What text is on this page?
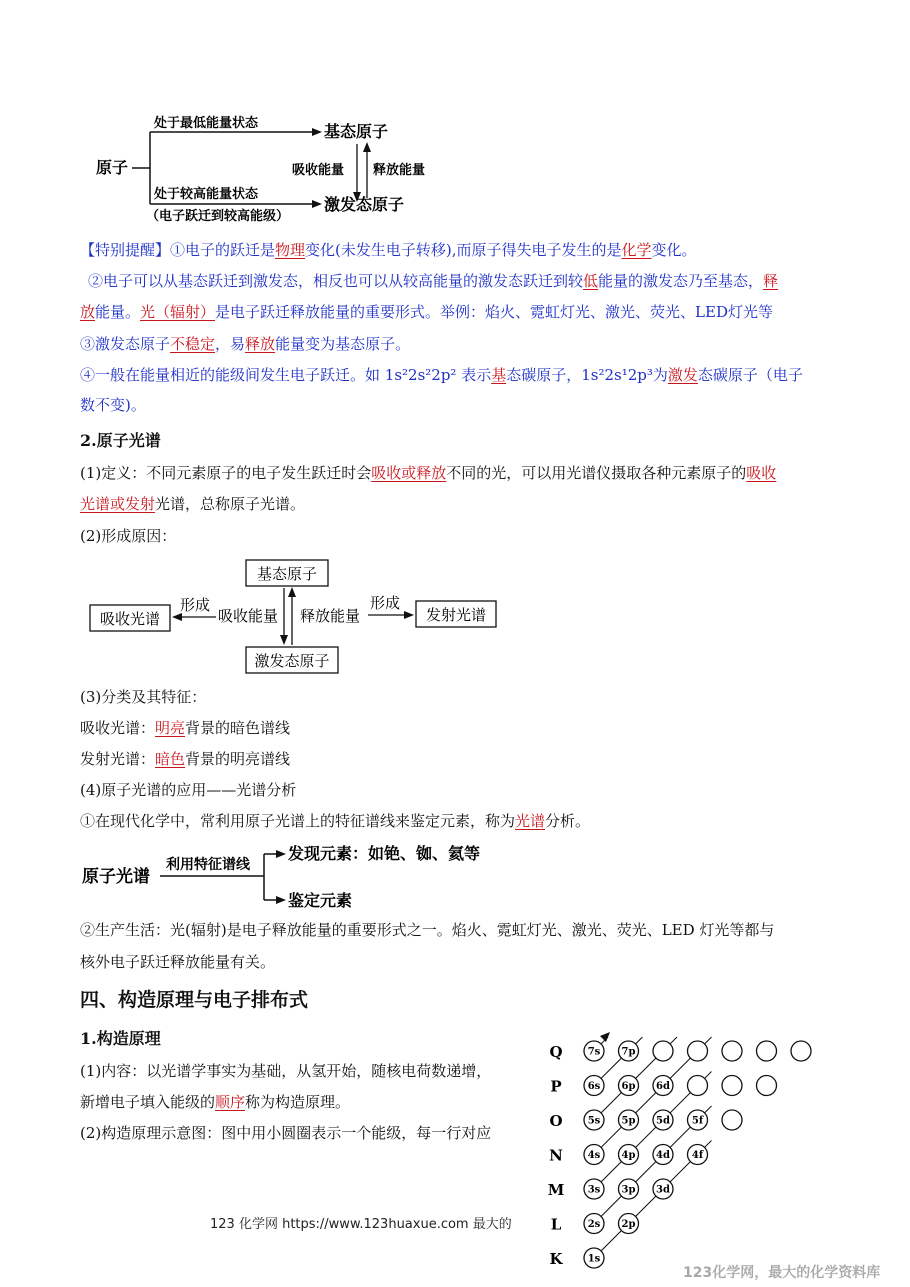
原子
处于最低能量状态	基态原子
吸收能量 释放能量
处于较高能量状态
激发态原子
（电子跃迁到较高能级）
【特别提醒】①电子的跃迁是物理变化(未发生电子转移),而原子得失电子发生的是化学变化。
②电子可以从基态跃迁到激发态，相反也可以从较高能量的激发态跃迁到较低能量的激发态乃至基态，释
放能量。光（辐射）是电子跃迁释放能量的重要形式。举例：焰火、霓虹灯光、激光、荧光、LED灯光等
③激发态原子不稳定，易释放能量变为基态原子。
④一般在能量相近的能级间发生电子跃迁。如 1s²2s²2p² 表示基态碳原子，1s²2s¹2p³为激发态碳原子（电子
数不变)。
2.原子光谱
(1)定义：不同元素原子的电子发生跃迁时会吸收或释放不同的光，可以用光谱仪摄取各种元素原子的吸收
光谱或发射光谱，总称原子光谱。
(2)形成原因：
基态原子
激发态原子
吸收光谱	发射光谱
吸收能量
形成
释放能量
形成
(3)分类及其特征：
吸收光谱：明亮背景的暗色谱线
发射光谱：暗色背景的明亮谱线
(4)原子光谱的应用——光谱分析
①在现代化学中，常利用原子光谱上的特征谱线来鉴定元素，称为光谱分析。
原子光谱
利用特征谱线
发现元素：如铯、铷、氦等
鉴定元素
②生产生活：光(辐射)是电子释放能量的重要形式之一。焰火、霓虹灯光、激光、荧光、LED 灯光等都与
核外电子跃迁释放能量有关。
四、构造原理与电子排布式
1.构造原理
(1)内容：以光谱学事实为基础，从氢开始，随核电荷数递增，
新增电子填入能级的顺序称为构造原理。
(2)构造原理示意图：图中用小圆圈表示一个能级，每一行对应
Q
P
O
N
M
L
K
7s 7p
6s 6p 6d
5s 5p 5d 5f
4s 4p 4d 4f
3s 3p 3d
2s 2p
1s
123 化学网 https://www.123huaxue.com 最大的
123化学网，最大的化学资料库
